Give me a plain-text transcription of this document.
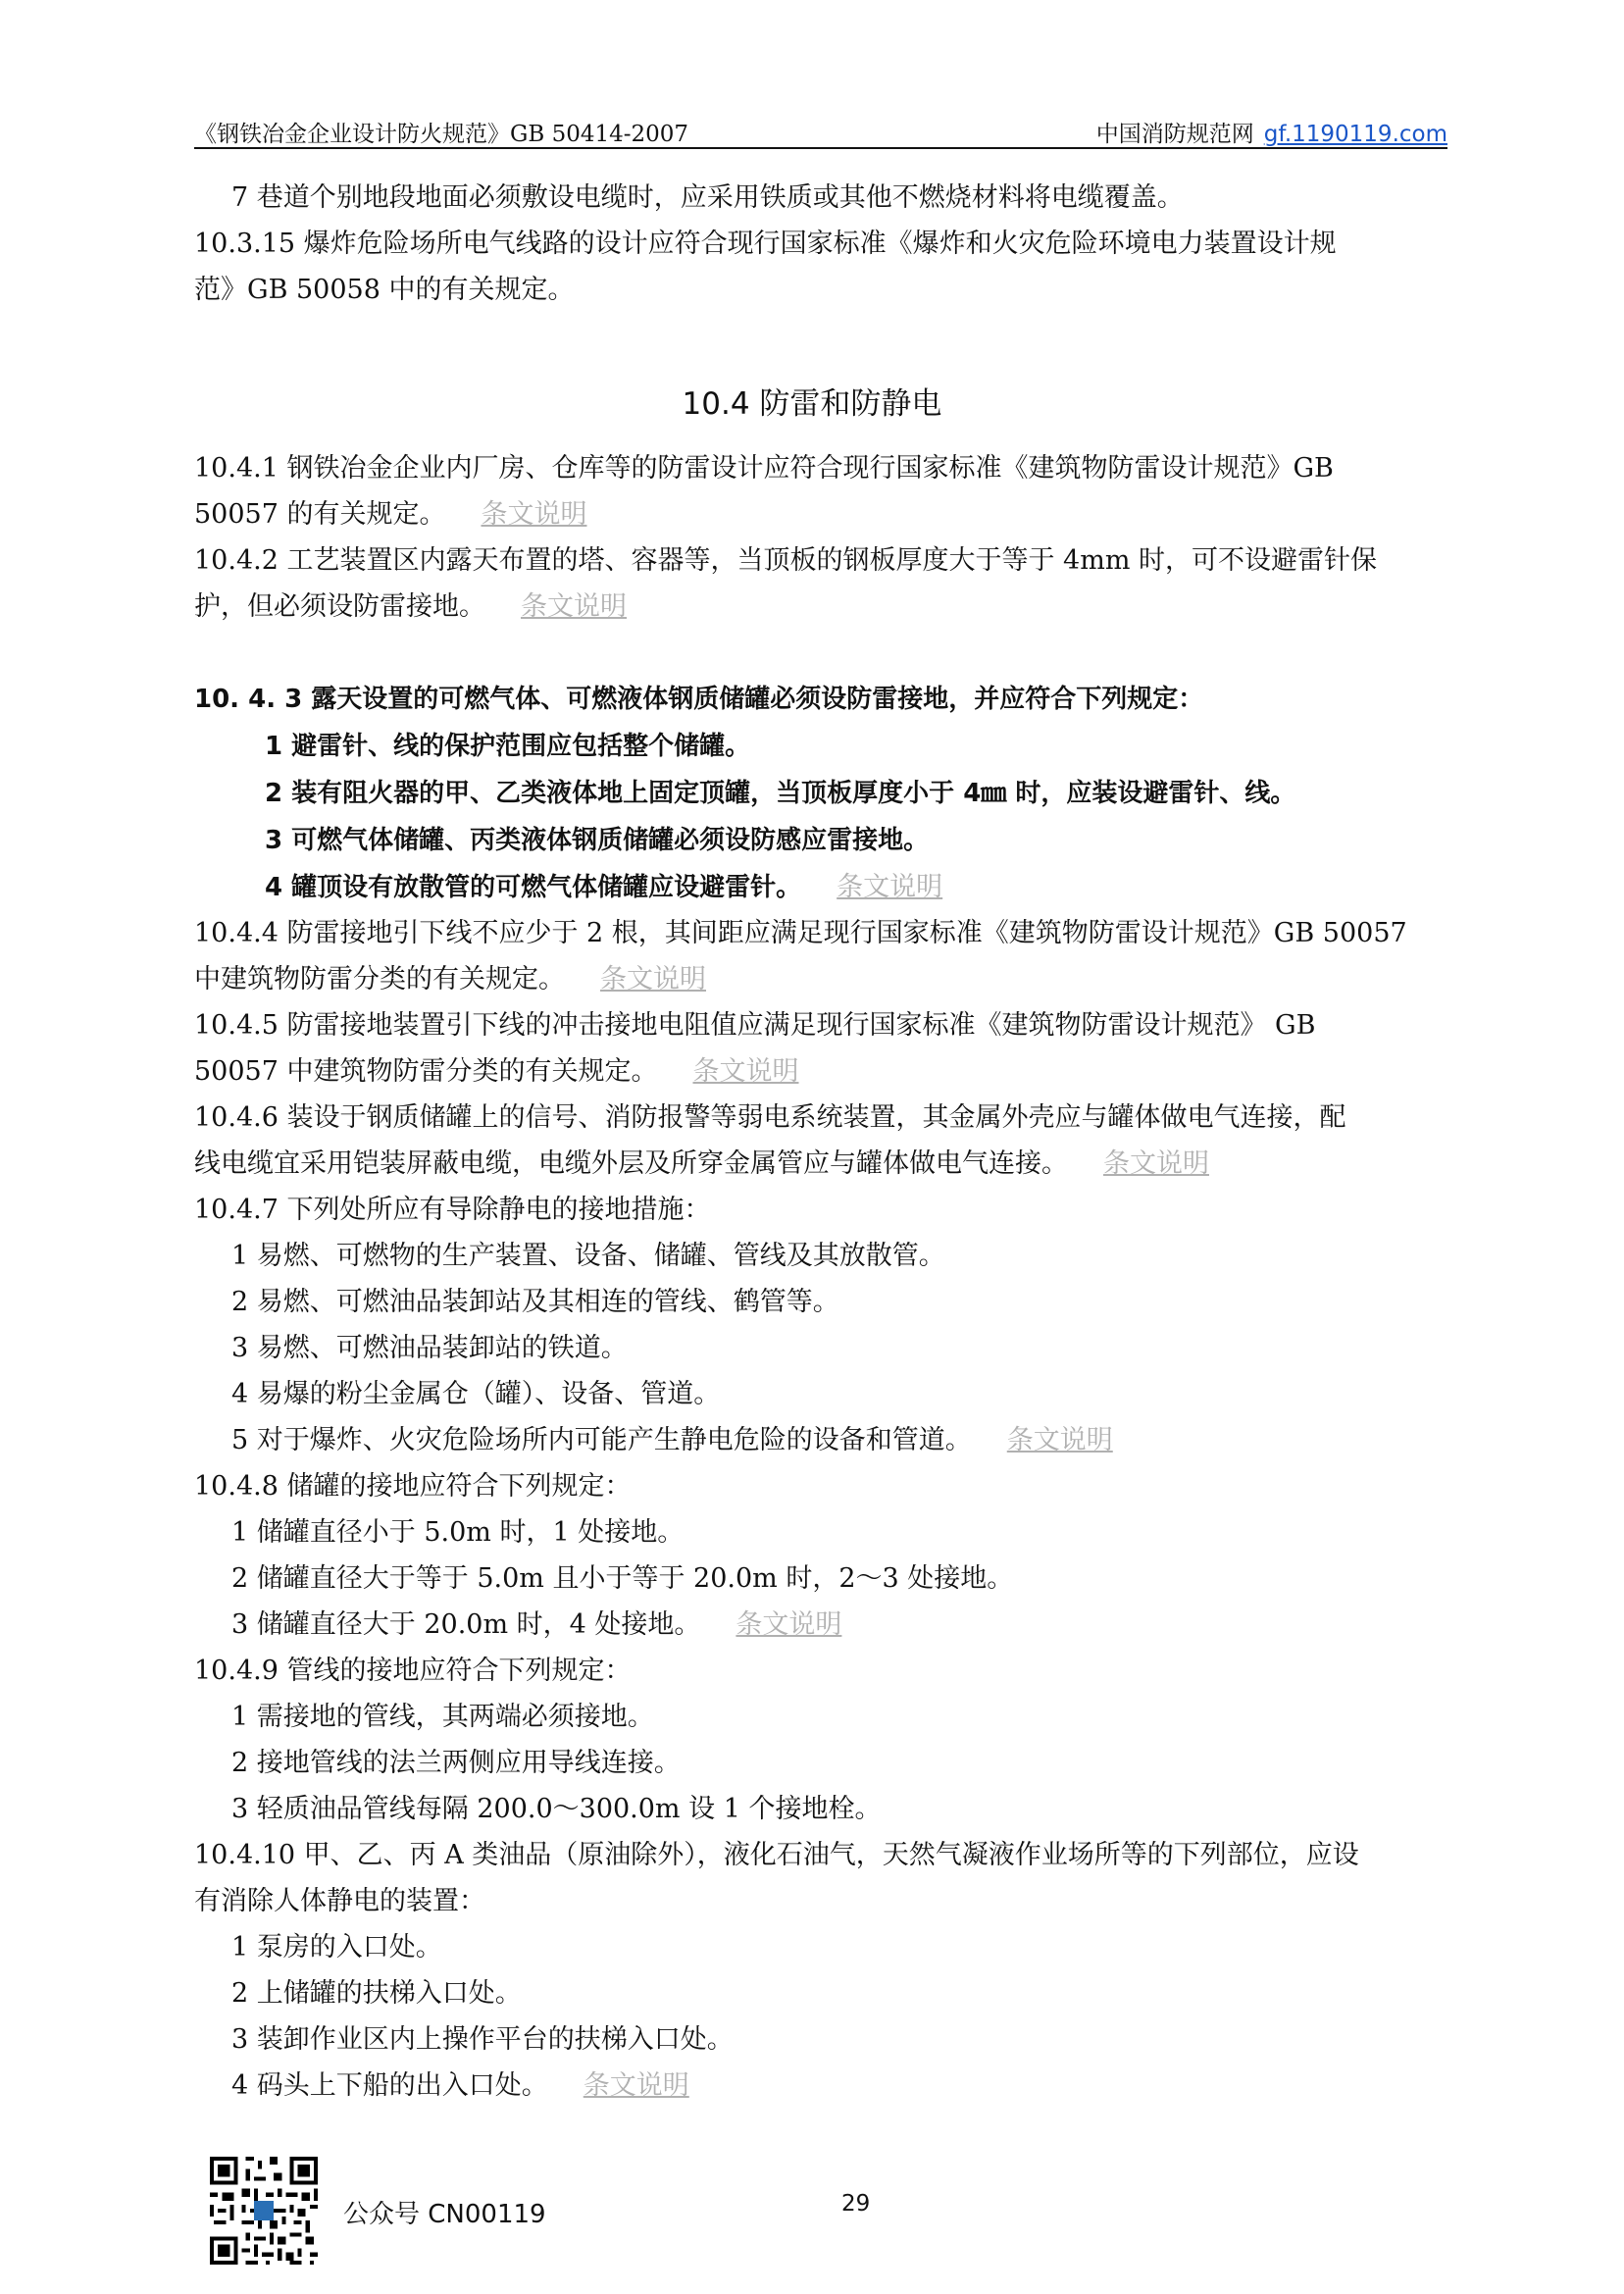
《钢铁冶金企业设计防火规范》GB 50414-2007	中国消防规范网 gf.1190119.com
7 巷道个别地段地面必须敷设电缆时，应采用铁质或其他不燃烧材料将电缆覆盖。
10.3.15 爆炸危险场所电气线路的设计应符合现行国家标准《爆炸和火灾危险环境电力装置设计规
范》GB 50058 中的有关规定。
10.4 防雷和防静电
10.4.1 钢铁冶金企业内厂房、仓库等的防雷设计应符合现行国家标准《建筑物防雷设计规范》GB
50057 的有关规定。 条文说明
10.4.2 工艺装置区内露天布置的塔、容器等，当顶板的钢板厚度大于等于 4mm 时，可不设避雷针保
护，但必须设防雷接地。 条文说明
10. 4. 3 露天设置的可燃气体、可燃液体钢质储罐必须设防雷接地，并应符合下列规定：
1 避雷针、线的保护范围应包括整个储罐。
2 装有阻火器的甲、乙类液体地上固定顶罐，当顶板厚度小于 4㎜ 时，应装设避雷针、线。
3 可燃气体储罐、丙类液体钢质储罐必须设防感应雷接地。
4 罐顶设有放散管的可燃气体储罐应设避雷针。 条文说明
10.4.4 防雷接地引下线不应少于 2 根，其间距应满足现行国家标准《建筑物防雷设计规范》GB 50057
中建筑物防雷分类的有关规定。 条文说明
10.4.5 防雷接地装置引下线的冲击接地电阻值应满足现行国家标准《建筑物防雷设计规范》 GB
50057 中建筑物防雷分类的有关规定。 条文说明
10.4.6 装设于钢质储罐上的信号、消防报警等弱电系统装置，其金属外壳应与罐体做电气连接，配
线电缆宜采用铠装屏蔽电缆，电缆外层及所穿金属管应与罐体做电气连接。 条文说明
10.4.7 下列处所应有导除静电的接地措施：
1 易燃、可燃物的生产装置、设备、储罐、管线及其放散管。
2 易燃、可燃油品装卸站及其相连的管线、鹤管等。
3 易燃、可燃油品装卸站的铁道。
4 易爆的粉尘金属仓（罐）、设备、管道。
5 对于爆炸、火灾危险场所内可能产生静电危险的设备和管道。 条文说明
10.4.8 储罐的接地应符合下列规定：
1 储罐直径小于 5.0m 时，1 处接地。
2 储罐直径大于等于 5.0m 且小于等于 20.0m 时，2～3 处接地。
3 储罐直径大于 20.0m 时，4 处接地。 条文说明
10.4.9 管线的接地应符合下列规定：
1 需接地的管线，其两端必须接地。
2 接地管线的法兰两侧应用导线连接。
3 轻质油品管线每隔 200.0～300.0m 设 1 个接地栓。
10.4.10 甲、乙、丙 A 类油品（原油除外），液化石油气，天然气凝液作业场所等的下列部位，应设
有消除人体静电的装置：
1 泵房的入口处。
2 上储罐的扶梯入口处。
3 装卸作业区内上操作平台的扶梯入口处。
4 码头上下船的出入口处。 条文说明
公众号 CN00119	29
